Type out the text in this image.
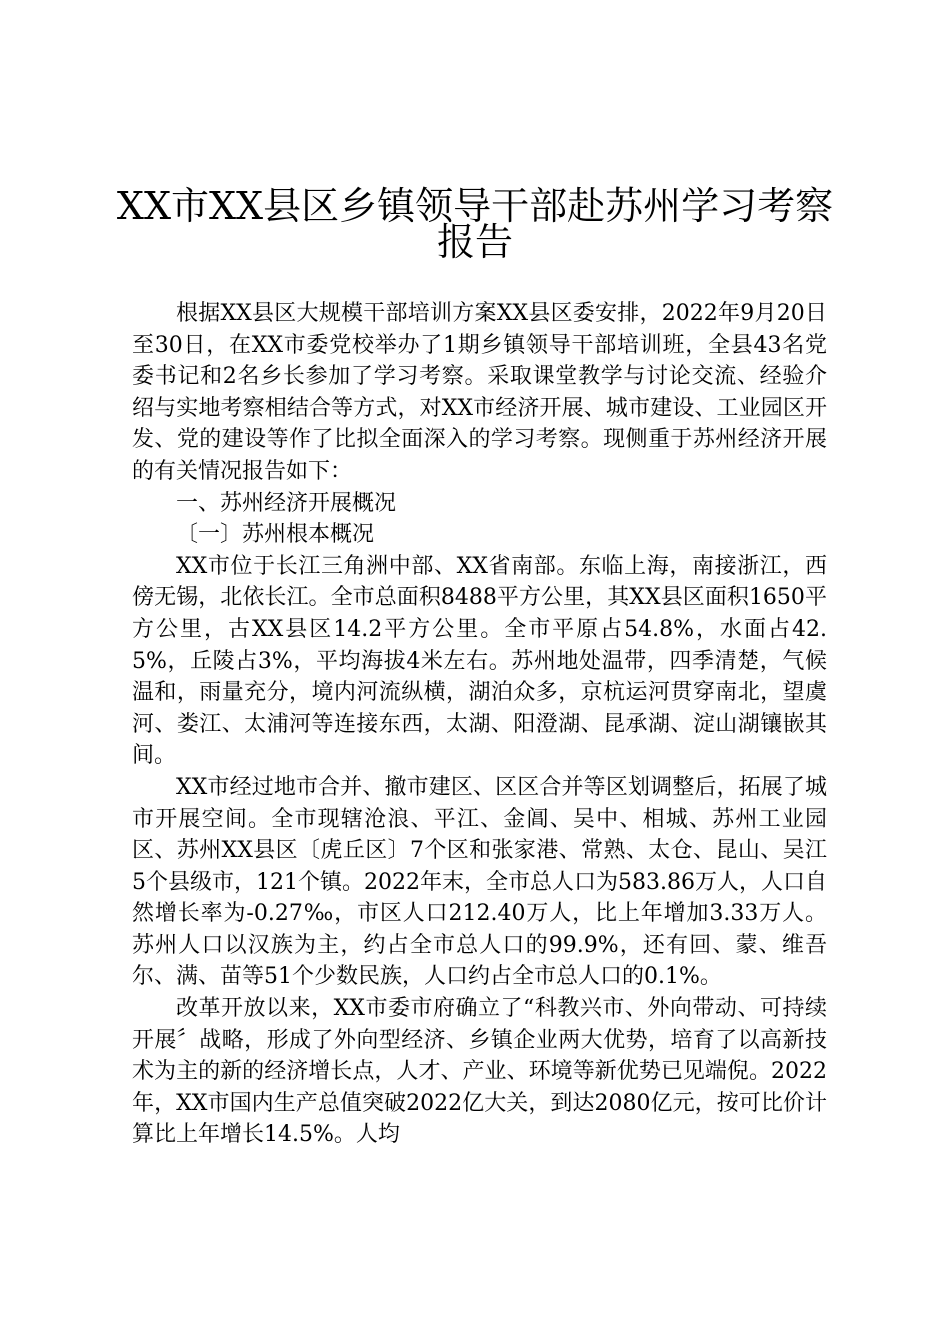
XX市XX县区乡镇领导干部赴苏州学习考察
报告

根据XX县区大规模干部培训方案XX县区委安排，2022年9月20日至30日，在XX市委党校举办了1期乡镇领导干部培训班，全县43名党委书记和2名乡长参加了学习考察。采取课堂教学与讨论交流、经验介绍与实地考察相结合等方式，对XX市经济开展、城市建设、工业园区开发、党的建设等作了比拟全面深入的学习考察。现侧重于苏州经济开展的有关情况报告如下：

一、苏州经济开展概况

〔一〕苏州根本概况

XX市位于长江三角洲中部、XX省南部。东临上海，南接浙江，西傍无锡，北依长江。全市总面积8488平方公里，其XX县区面积1650平方公里，古XX县区14.2平方公里。全市平原占54.8%，水面占42.5%，丘陵占3%，平均海拔4米左右。苏州地处温带，四季清楚，气候温和，雨量充分，境内河流纵横，湖泊众多，京杭运河贯穿南北，望虞河、娄江、太浦河等连接东西，太湖、阳澄湖、昆承湖、淀山湖镶嵌其间。

XX市经过地市合并、撤市建区、区区合并等区划调整后，拓展了城市开展空间。全市现辖沧浪、平江、金阊、吴中、相城、苏州工业园区、苏州XX县区〔虎丘区〕7个区和张家港、常熟、太仓、昆山、吴江5个县级市，121个镇。2022年末，全市总人口为583.86万人，人口自然增长率为-0.27‰，市区人口212.40万人，比上年增加3.33万人。苏州人口以汉族为主，约占全市总人口的99.9%，还有回、蒙、维吾尔、满、苗等51个少数民族，人口约占全市总人口的0.1%。

改革开放以来，XX市委市府确立了“科教兴市、外向带动、可持续开展〞战略，形成了外向型经济、乡镇企业两大优势，培育了以高新技术为主的新的经济增长点，人才、产业、环境等新优势已见端倪。2022年，XX市国内生产总值突破2022亿大关，到达2080亿元，按可比价计算比上年增长14.5%。人均
